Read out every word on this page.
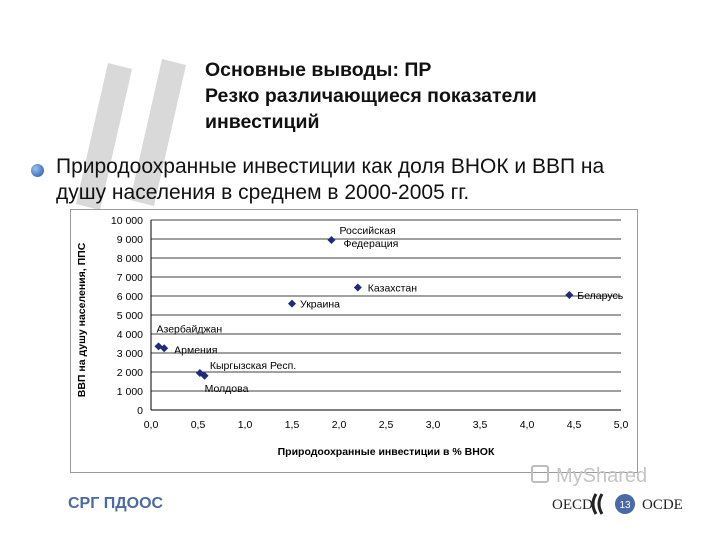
Основные выводы: ПР
Резко различающиеся показатели
инвестиций
Природоохранные инвестиции как доля ВНОК и ВВП на
душу населения в среднем в 2000-2005 гг.
0
1 000
2 000
3 000
4 000
5 000
6 000
7 000
8 000
9 000
10 000
0,0	0,5	1,0	1,5	2,0	2,5	3,0	3,5	4,0	4,5	5,0
Российская
Федерация
Казахстан
Беларусь
Украина
Азербайджан
Армения
Кыргызская Респ.
Молдова
Природоохранные инвестиции в % ВНОК
ВВП на душу населения, ППС
СРГ ПДООС
MyShared
OECD	13 OCDE
